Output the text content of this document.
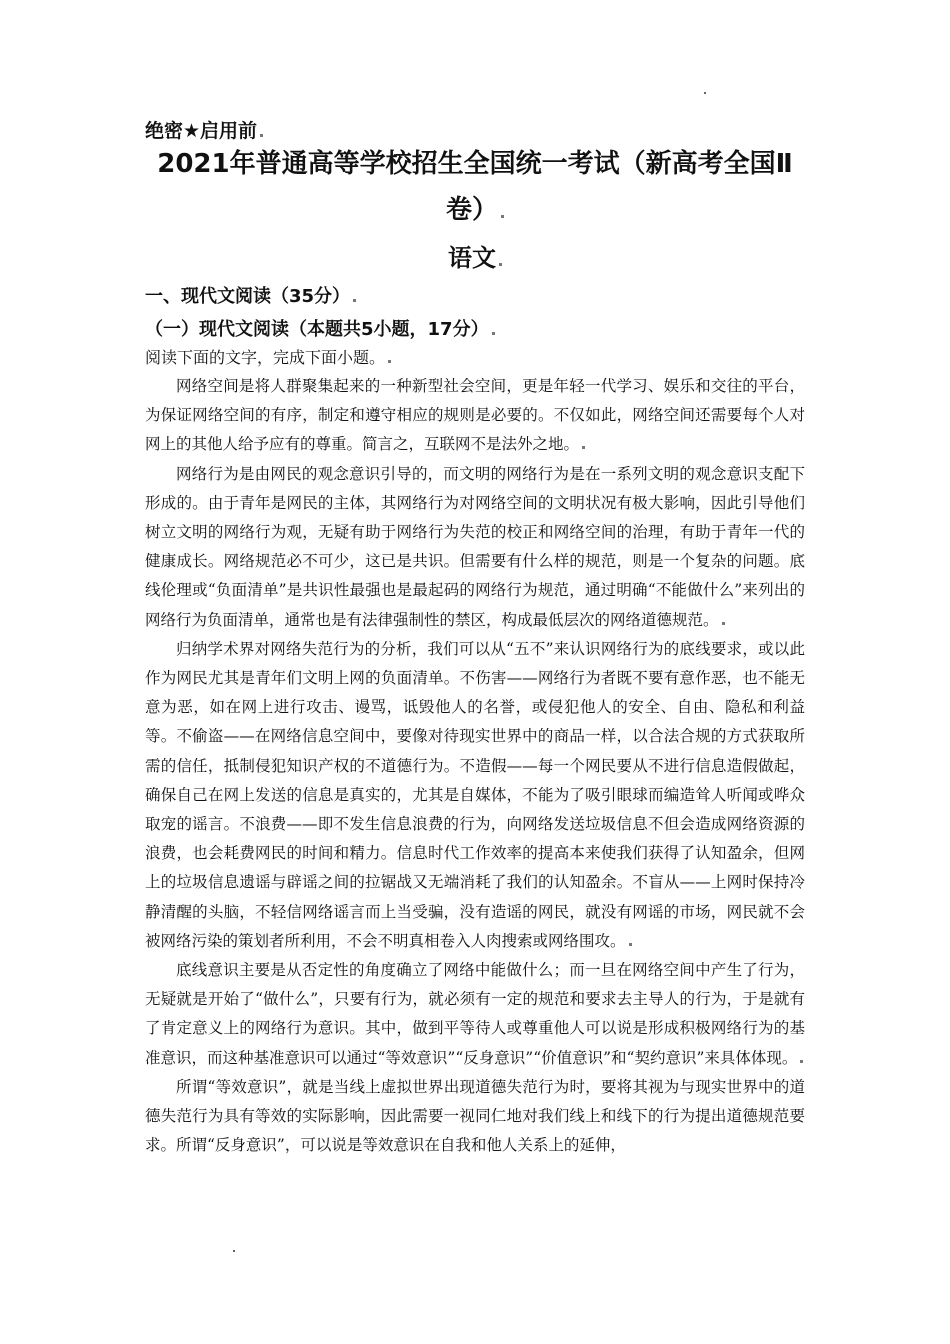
绝密★启用前
2021年普通高等学校招生全国统一考试（新高考全国Ⅱ
卷）
语文
一、现代文阅读（35分）
（一）现代文阅读（本题共5小题，17分）
阅读下面的文字，完成下面小题。

网络空间是将人群聚集起来的一种新型社会空间，更是年轻一代学习、娱乐和交往的平台，为保证网络空间的有序，制定和遵守相应的规则是必要的。不仅如此，网络空间还需要每个人对网上的其他人给予应有的尊重。简言之，互联网不是法外之地。

网络行为是由网民的观念意识引导的，而文明的网络行为是在一系列文明的观念意识支配下形成的。由于青年是网民的主体，其网络行为对网络空间的文明状况有极大影响，因此引导他们树立文明的网络行为观，无疑有助于网络行为失范的校正和网络空间的治理，有助于青年一代的健康成长。网络规范必不可少，这已是共识。但需要有什么样的规范，则是一个复杂的问题。底线伦理或“负面清单”是共识性最强也是最起码的网络行为规范，通过明确“不能做什么”来列出的网络行为负面清单，通常也是有法律强制性的禁区，构成最低层次的网络道德规范。

归纳学术界对网络失范行为的分析，我们可以从“五不”来认识网络行为的底线要求，或以此作为网民尤其是青年们文明上网的负面清单。不伤害——网络行为者既不要有意作恶，也不能无意为恶，如在网上进行攻击、谩骂，诋毁他人的名誉，或侵犯他人的安全、自由、隐私和利益等。不偷盗——在网络信息空间中，要像对待现实世界中的商品一样，以合法合规的方式获取所需的信任，抵制侵犯知识产权的不道德行为。不造假——每一个网民要从不进行信息造假做起，确保自己在网上发送的信息是真实的，尤其是自媒体，不能为了吸引眼球而编造耸人听闻或哗众取宠的谣言。不浪费——即不发生信息浪费的行为，向网络发送垃圾信息不但会造成网络资源的浪费，也会耗费网民的时间和精力。信息时代工作效率的提高本来使我们获得了认知盈余，但网上的垃圾信息遗谣与辟谣之间的拉锯战又无端消耗了我们的认知盈余。不盲从——上网时保持冷静清醒的头脑，不轻信网络谣言而上当受骗，没有造谣的网民，就没有网谣的市场，网民就不会被网络污染的策划者所利用，不会不明真相卷入人肉搜索或网络围攻。

底线意识主要是从否定性的角度确立了网络中能做什么；而一旦在网络空间中产生了行为，无疑就是开始了“做什么”，只要有行为，就必须有一定的规范和要求去主导人的行为，于是就有了肯定意义上的网络行为意识。其中，做到平等待人或尊重他人可以说是形成积极网络行为的基准意识，而这种基准意识可以通过“等效意识”“反身意识”“价值意识”和“契约意识”来具体体现。

所谓“等效意识”，就是当线上虚拟世界出现道德失范行为时，要将其视为与现实世界中的道德失范行为具有等效的实际影响，因此需要一视同仁地对我们线上和线下的行为提出道德规范要求。所谓“反身意识”，可以说是等效意识在自我和他人关系上的延伸，
